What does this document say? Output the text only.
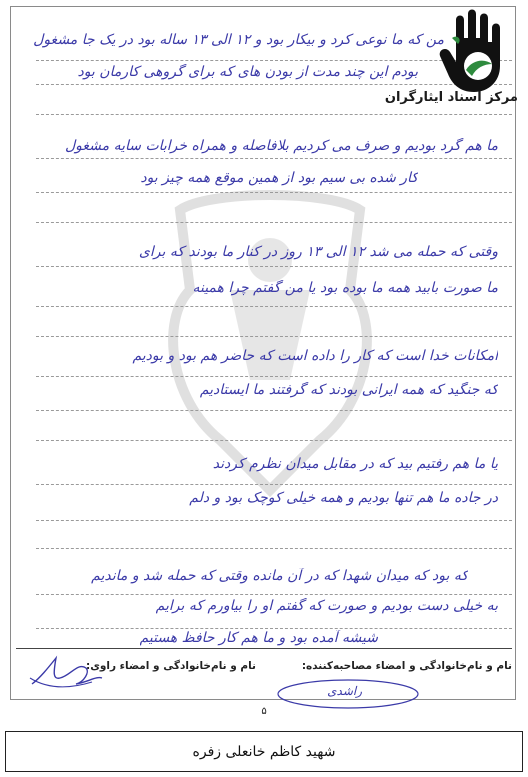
مرکز اسناد ایثارگران
من که ما نوعی کرد و بیکار بود و ۱۲ الی ۱۳ ساله بود در یک جا مشغول
بودم این چند مدت از بودن های که برای گروهی کارمان بود
ما هم گرد بودیم و صرف می کردیم بلافاصله و همراه خرابات سایه مشغول
کار شده بی سیم بود از همین موقع همه چیز بود
وقتی که حمله می شد ۱۲ الی ۱۳ روز در کنار ما بودند که برای
ما صورت بابید همه ما بوده بود یا من گفتم چرا همینه
امکانات خدا است که کار را داده است که حاضر هم بود و بودیم
که جنگید که همه ایرانی بودند که گرفتند ما ایستادیم
یا ما هم رفتیم بید که در مقابل میدان نظرم کردند
در جاده ما هم تنها بودیم و همه خیلی کوچک بود و دلم
که بود که میدان شهدا که در آن مانده وقتی که حمله شد و ماندیم
به خیلی دست بودیم و صورت که گفتم او را بیاورم که برایم
شیشه آمده بود و ما هم کار حافظ هستیم
نام و نام‌خانوادگی و امضاء مصاحبه‌کننده:
نام و نام‌خانوادگی و امضاء راوی:
راشدی
۵
شهید کاظم خانعلی زفره
